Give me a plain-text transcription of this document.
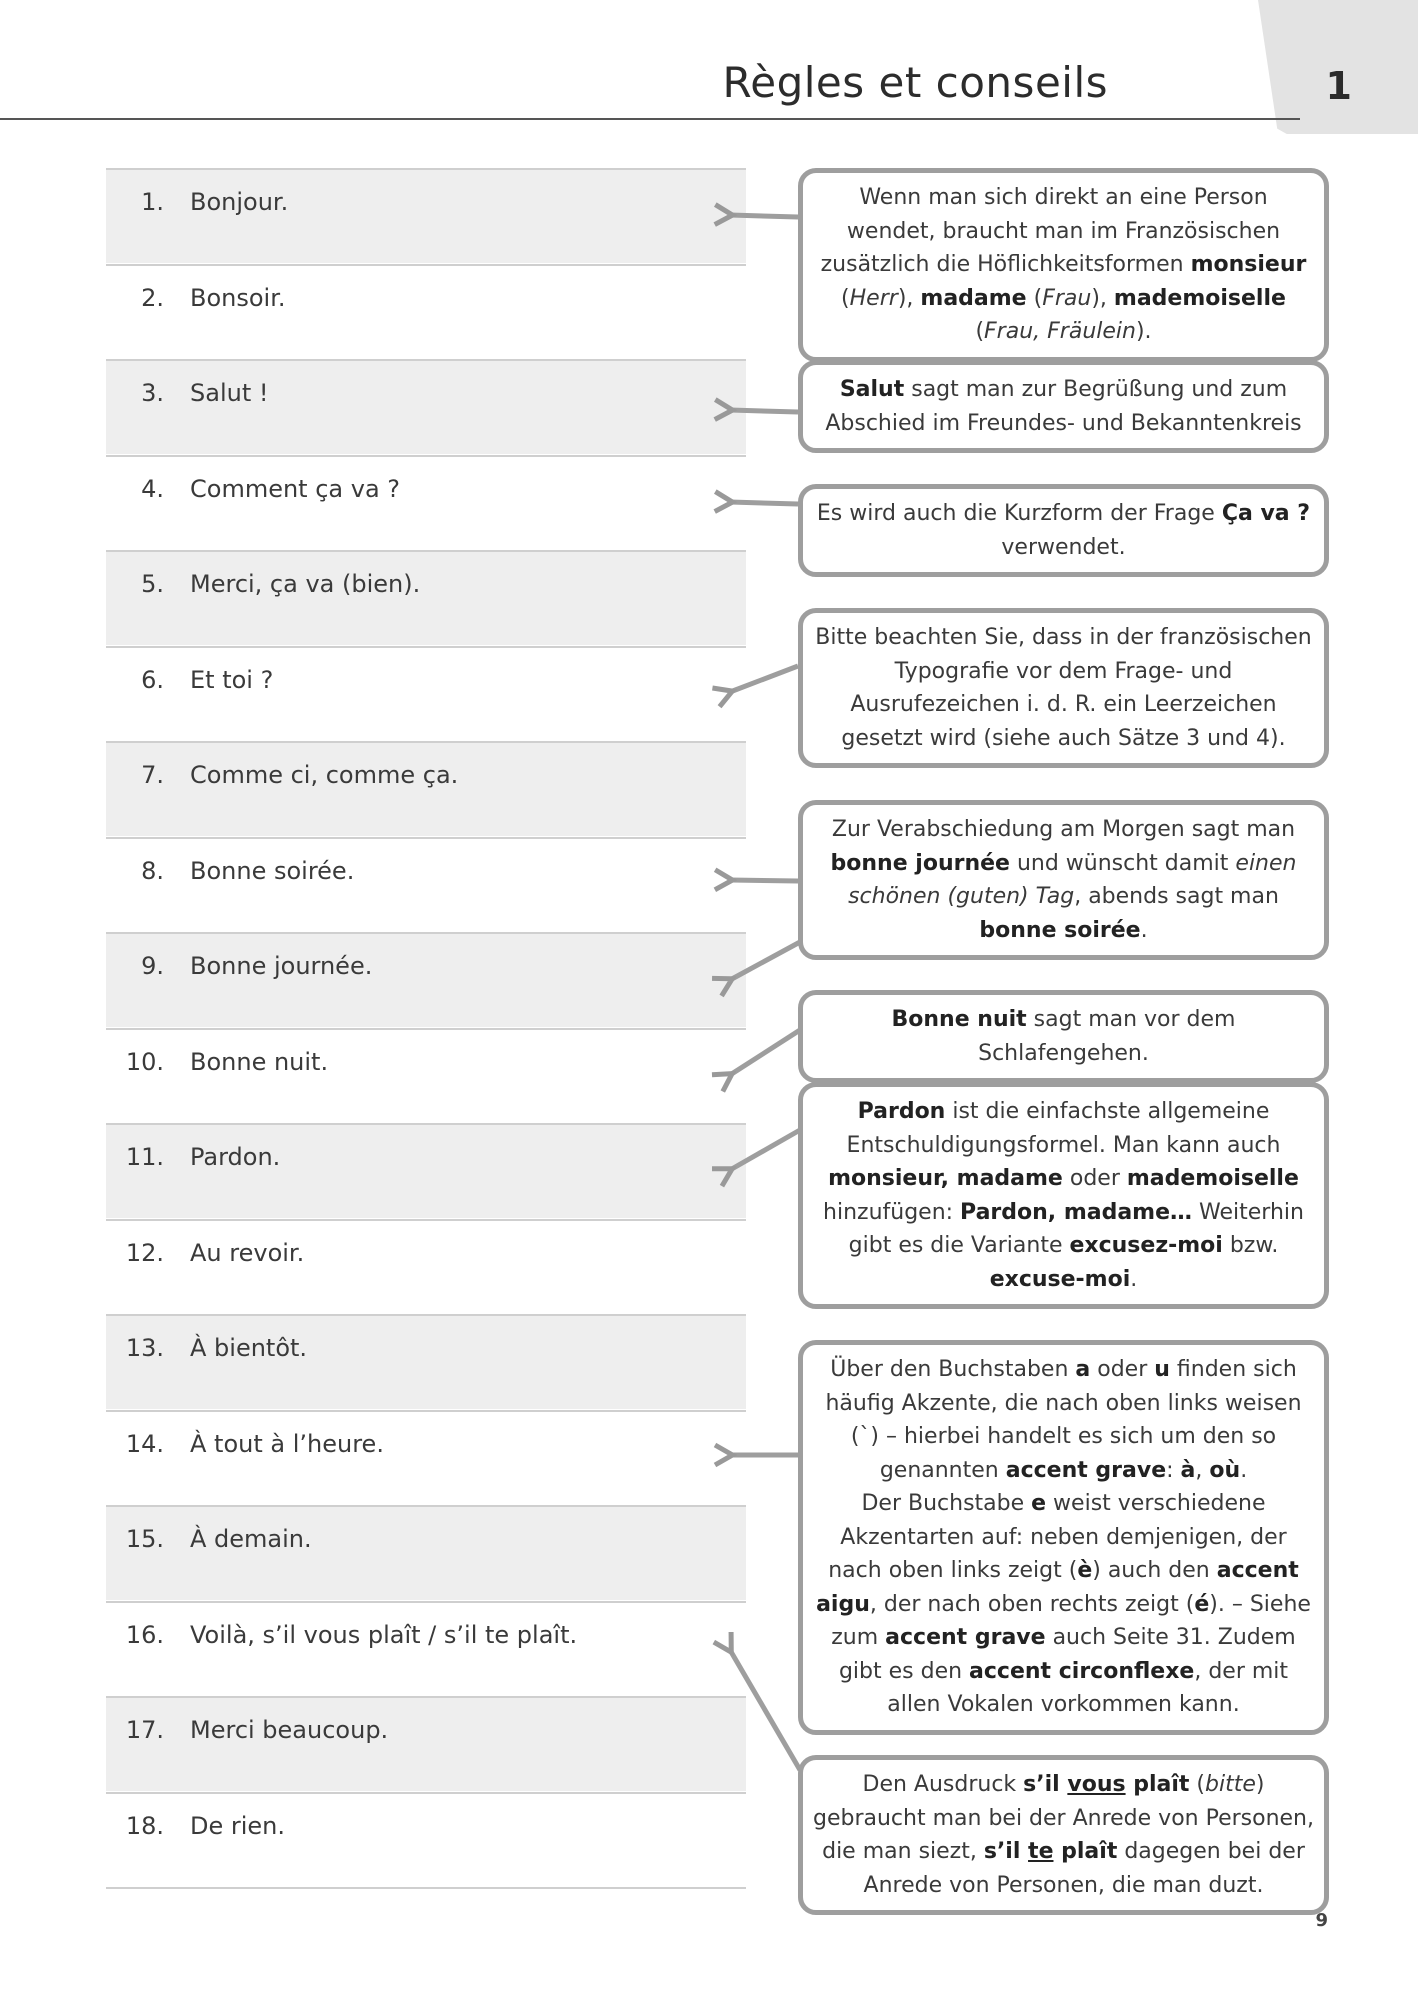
1
Règles et conseils
1. Bonjour.
2. Bonsoir.
3. Salut !
4. Comment ça va ?
5. Merci, ça va (bien).
6. Et toi ?
7. Comme ci, comme ça.
8. Bonne soirée.
9. Bonne journée.
10. Bonne nuit.
11. Pardon.
12. Au revoir.
13. À bientôt.
14. À tout à l’heure.
15. À demain.
16. Voilà, s’il vous plaît / s’il te plaît.
17. Merci beaucoup.
18. De rien.
Wenn man sich direkt an eine Person wendet, braucht man im Französischen zusätzlich die Höflichkeitsformen monsieur (Herr), madame (Frau), mademoiselle (Frau, Fräulein).
Salut sagt man zur Begrüßung und zum Abschied im Freundes- und Bekanntenkreis
Es wird auch die Kurzform der Frage Ça va ? verwendet.
Bitte beachten Sie, dass in der französischen Typografie vor dem Frage- und Ausrufezeichen i. d. R. ein Leerzeichen gesetzt wird (siehe auch Sätze 3 und 4).
Zur Verabschiedung am Morgen sagt man bonne journée und wünscht damit einen schönen (guten) Tag, abends sagt man bonne soirée.
Bonne nuit sagt man vor dem Schlafengehen.
Pardon ist die einfachste allgemeine Entschuldigungsformel. Man kann auch monsieur, madame oder mademoiselle hinzufügen: Pardon, madame… Weiterhin gibt es die Variante excusez-moi bzw. excuse-moi.
Über den Buchstaben a oder u finden sich häufig Akzente, die nach oben links weisen (`) – hierbei handelt es sich um den so genannten accent grave: à, où.
Der Buchstabe e weist verschiedene Akzentarten auf: neben demjenigen, der nach oben links zeigt (è) auch den accent aigu, der nach oben rechts zeigt (é). – Siehe zum accent grave auch Seite 31. Zudem gibt es den accent circonflexe, der mit allen Vokalen vorkommen kann.
Den Ausdruck s’il vous plaît (bitte) gebraucht man bei der Anrede von Personen, die man siezt, s’il te plaît dagegen bei der Anrede von Personen, die man duzt.
9
